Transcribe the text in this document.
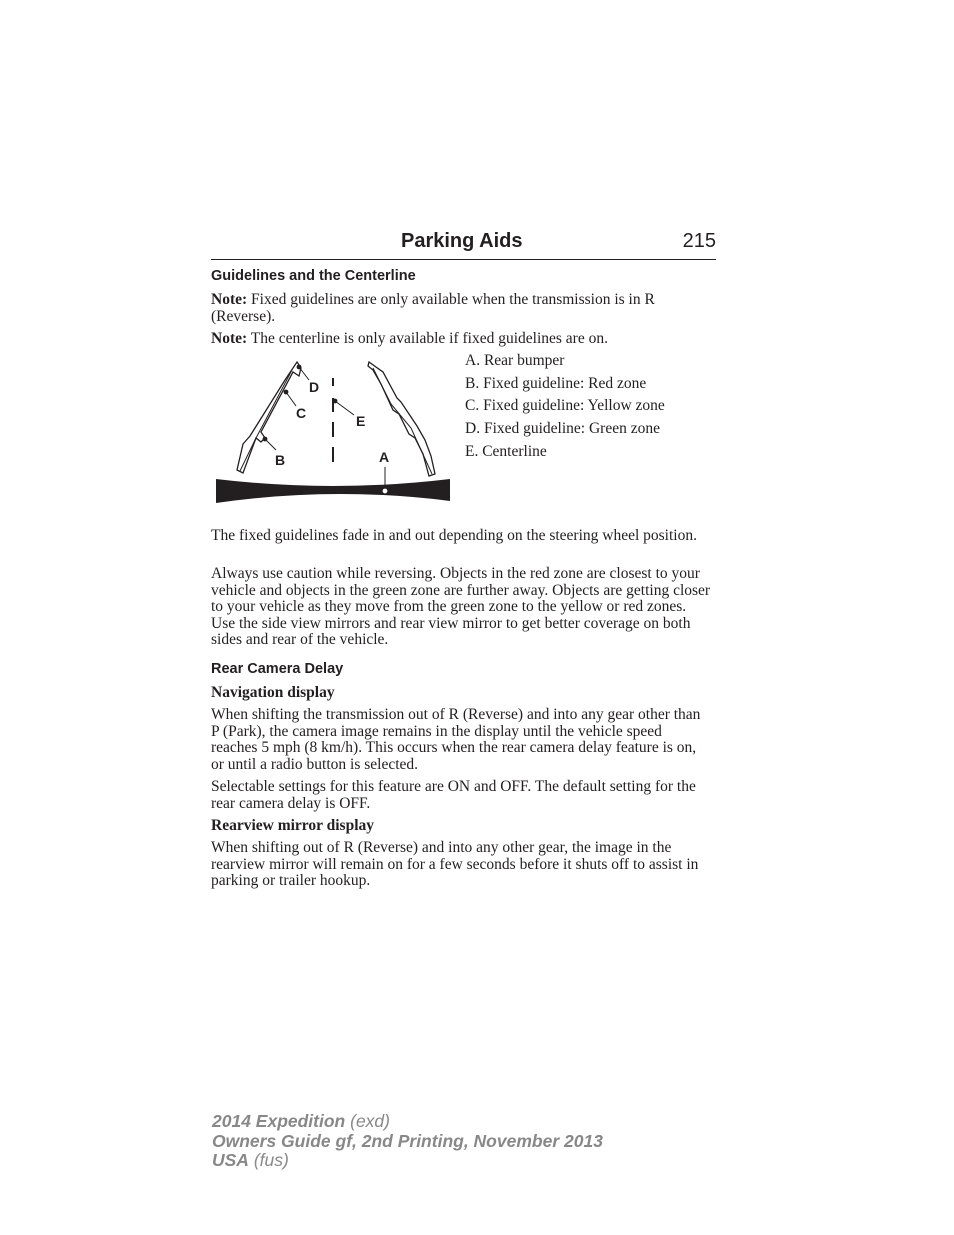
Parking Aids	215
Guidelines and the Centerline
Note: Fixed guidelines are only available when the transmission is in R (Reverse).
Note: The centerline is only available if fixed guidelines are on.
D
C	E
B	A
A. Rear bumper
B. Fixed guideline: Red zone
C. Fixed guideline: Yellow zone
D. Fixed guideline: Green zone
E. Centerline
The fixed guidelines fade in and out depending on the steering wheel position.
Always use caution while reversing. Objects in the red zone are closest to your vehicle and objects in the green zone are further away. Objects are getting closer to your vehicle as they move from the green zone to the yellow or red zones. Use the side view mirrors and rear view mirror to get better coverage on both sides and rear of the vehicle.
Rear Camera Delay
Navigation display
When shifting the transmission out of R (Reverse) and into any gear other than P (Park), the camera image remains in the display until the vehicle speed reaches 5 mph (8 km/h). This occurs when the rear camera delay feature is on, or until a radio button is selected.
Selectable settings for this feature are ON and OFF. The default setting for the rear camera delay is OFF.
Rearview mirror display
When shifting out of R (Reverse) and into any other gear, the image in the rearview mirror will remain on for a few seconds before it shuts off to assist in parking or trailer hookup.
2014 Expedition (exd)
Owners Guide gf, 2nd Printing, November 2013
USA (fus)
